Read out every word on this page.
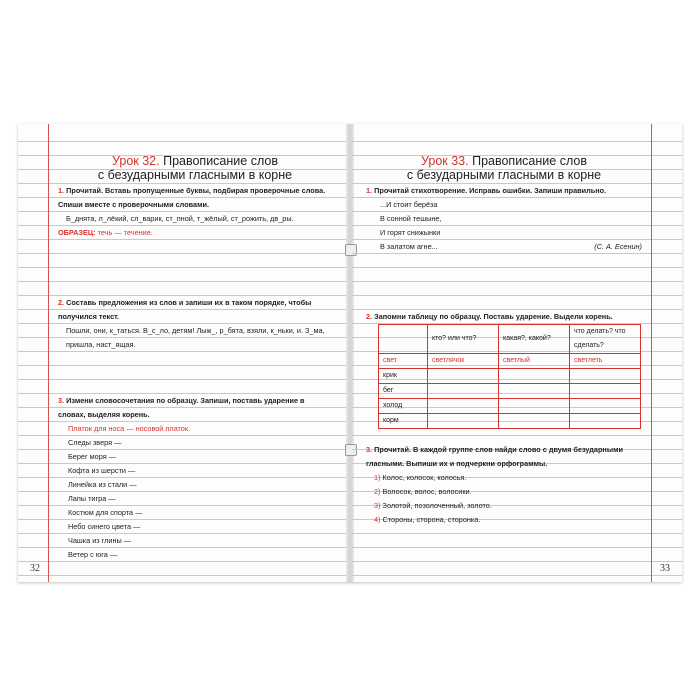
Урок 32. Правописание слов
с безударными гласными в корне
1. Прочитай. Вставь пропущенные буквы, подбирая проверочные слова. Спиши вместе с проверочными словами.
Б_днята, л_лёкий, сл_варик, ст_пной, т_жёлый, ст_рожить, дв_ры.
ОБРАЗЕЦ: течь — течение.
2. Составь предложения из слов и запиши их в таком порядке, чтобы получился текст.
Пошли, они, к_таться. В_с_ло, детям! Лыж_, р_бята, взяли, к_ньки, и. З_ма, пришла, наст_ящая.
3. Измени словосочетания по образцу. Запиши, поставь ударение в словах, выделяя корень.
Платок для носа — носовой платок.
Следы зверя —
Берег моря —
Кофта из шерсти —
Линейка из стали —
Лапы тигра —
Костюм для спорта —
Небо синего цвета —
Чашка из глины —
Ветер с юга —
32
Урок 33. Правописание слов
с безударными гласными в корне
1. Прочитай стихотворение. Исправь ошибки. Запиши правильно.
...И стоит берёза
В сонной тешыне,
И горят снижынки
В залатом агне...	(С. А. Есенин)
2. Запомни таблицу по образцу. Поставь ударение. Выдели корень.
	кто? или что?	какая?, какой?	что делать? что сделать?
свет	светлячок	светлый	светлеть
крик			
бег			
холод			
корм			
3. Прочитай. В каждой группе слов найди слово с двумя безударными гласными. Выпиши их и подчеркни орфограммы.
1) Колос, колосок, колосья.
2) Волосок, волос, волосики.
3) Золотой, позолоченный, золото.
4) Стороны, сторона, сторонка.
33
